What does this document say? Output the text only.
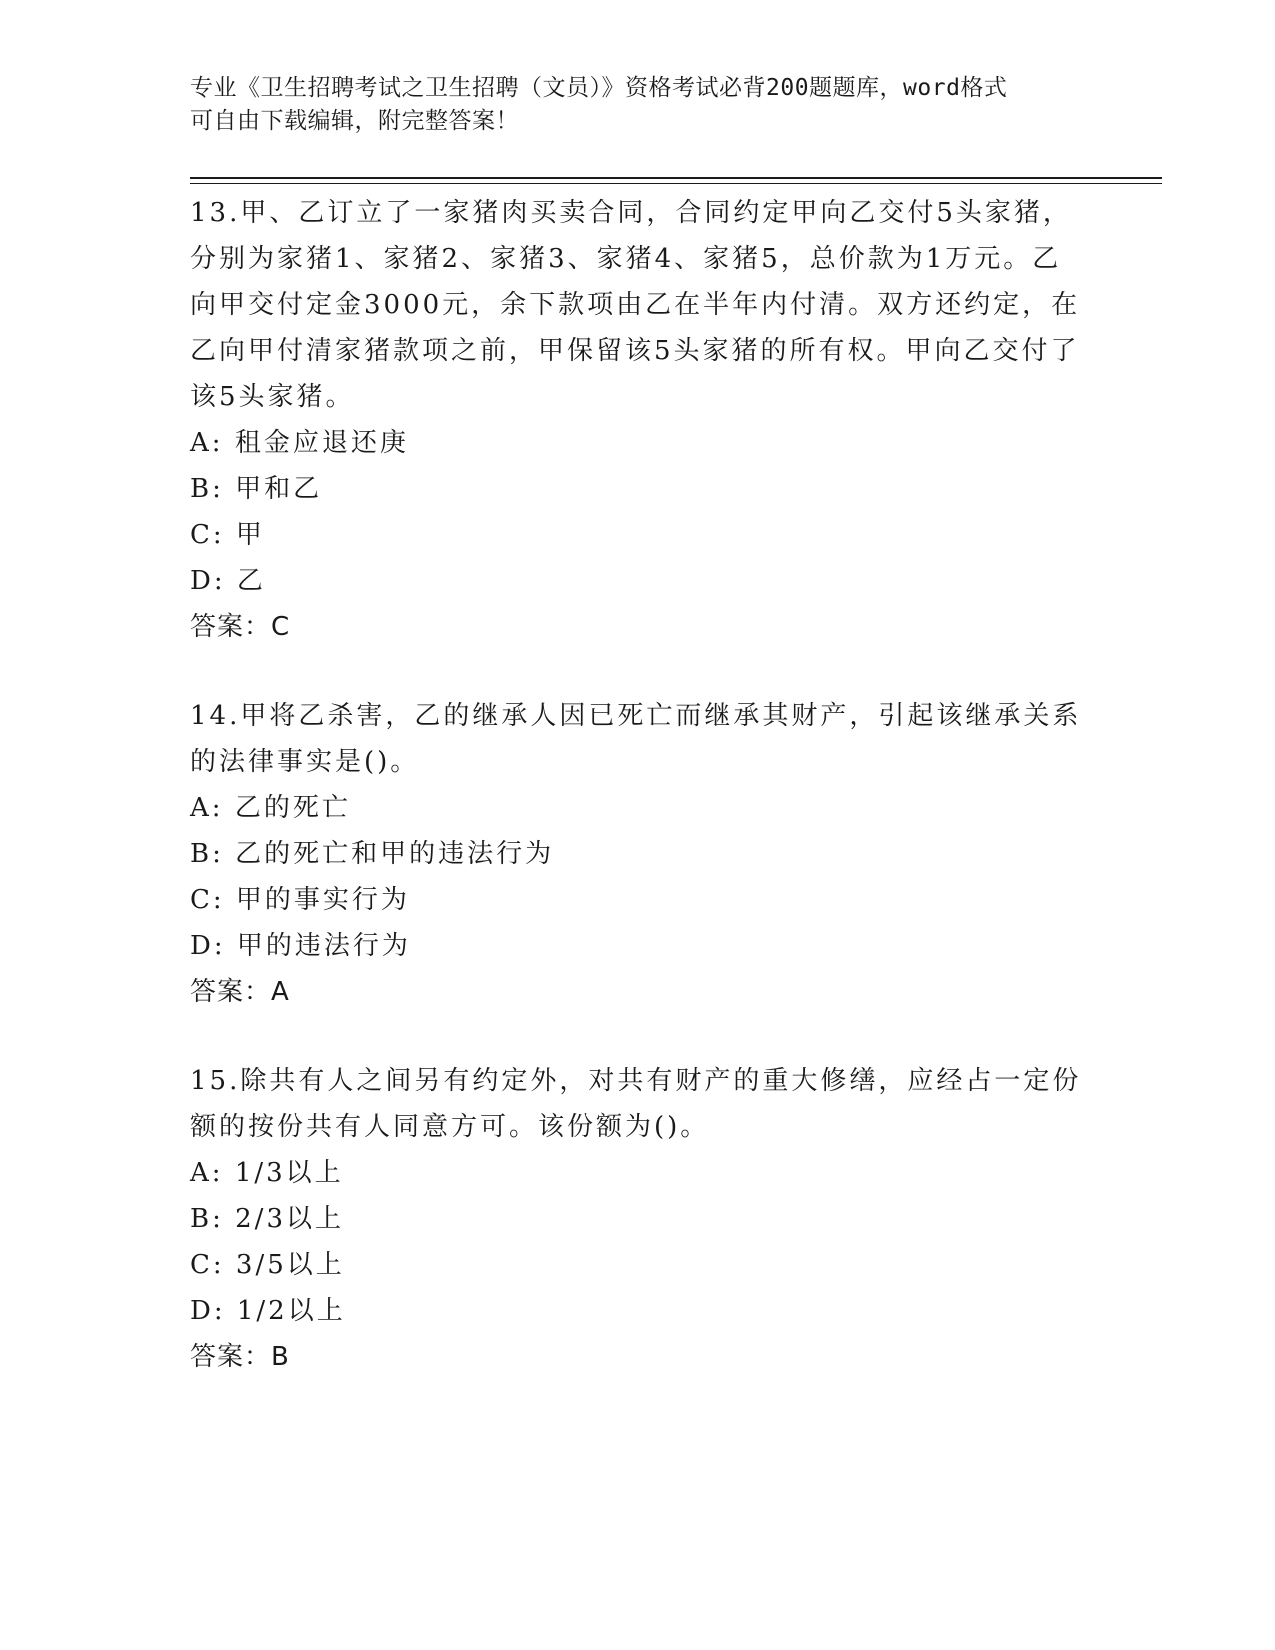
专业《卫生招聘考试之卫生招聘（文员）》资格考试必背200题题库，word格式
可自由下载编辑，附完整答案！
13.甲、乙订立了一家猪肉买卖合同，合同约定甲向乙交付5头家猪，分别为家猪1、家猪2、家猪3、家猪4、家猪5，总价款为1万元。乙向甲交付定金3000元，余下款项由乙在半年内付清。双方还约定，在乙向甲付清家猪款项之前，甲保留该5头家猪的所有权。甲向乙交付了该5头家猪。
A: 租金应退还庚
B: 甲和乙
C: 甲
D: 乙
答案：C
14.甲将乙杀害，乙的继承人因已死亡而继承其财产，引起该继承关系的法律事实是()。
A: 乙的死亡
B: 乙的死亡和甲的违法行为
C: 甲的事实行为
D: 甲的违法行为
答案：A
15.除共有人之间另有约定外，对共有财产的重大修缮，应经占一定份额的按份共有人同意方可。该份额为()。
A: 1/3以上
B: 2/3以上
C: 3/5以上
D: 1/2以上
答案：B
